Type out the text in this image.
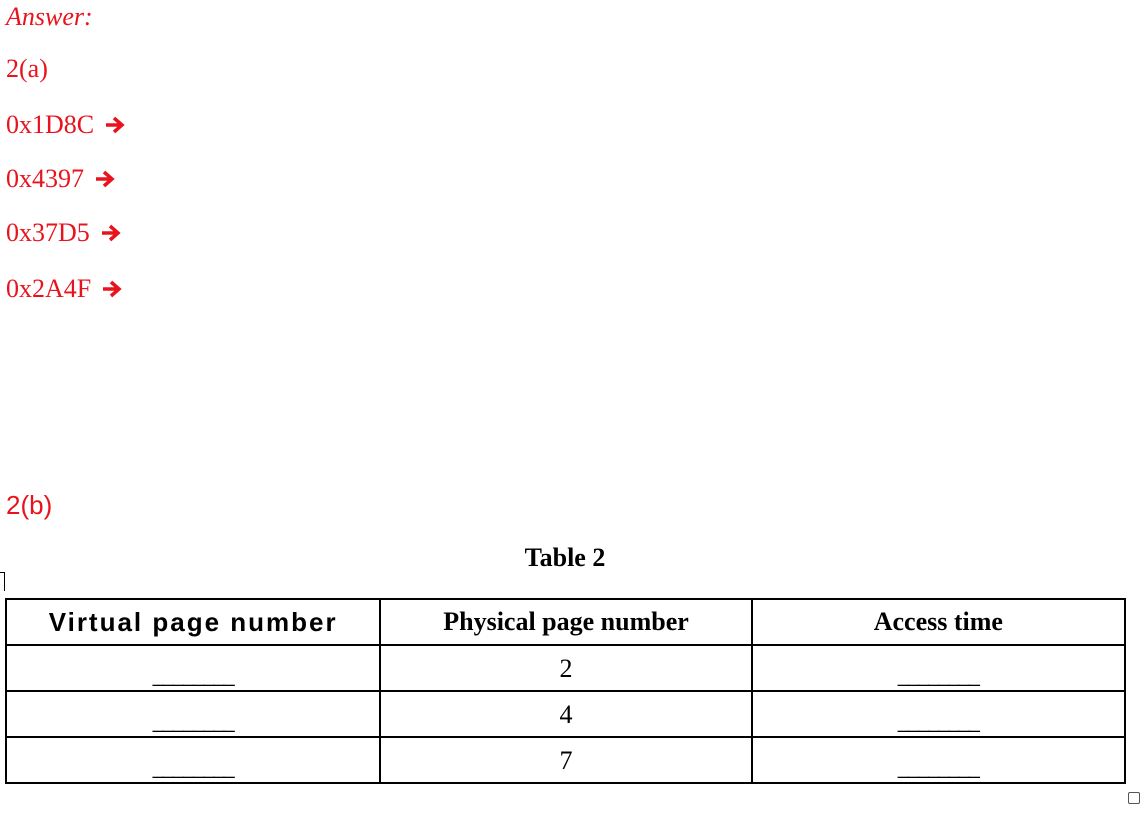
Answer:
2(a)
0x1D8C
0x4397
0x37D5
0x2A4F
2(b)
Table 2
Virtual page number	Physical page number	Access time

________	2	________

________	4	________

________	7	________
